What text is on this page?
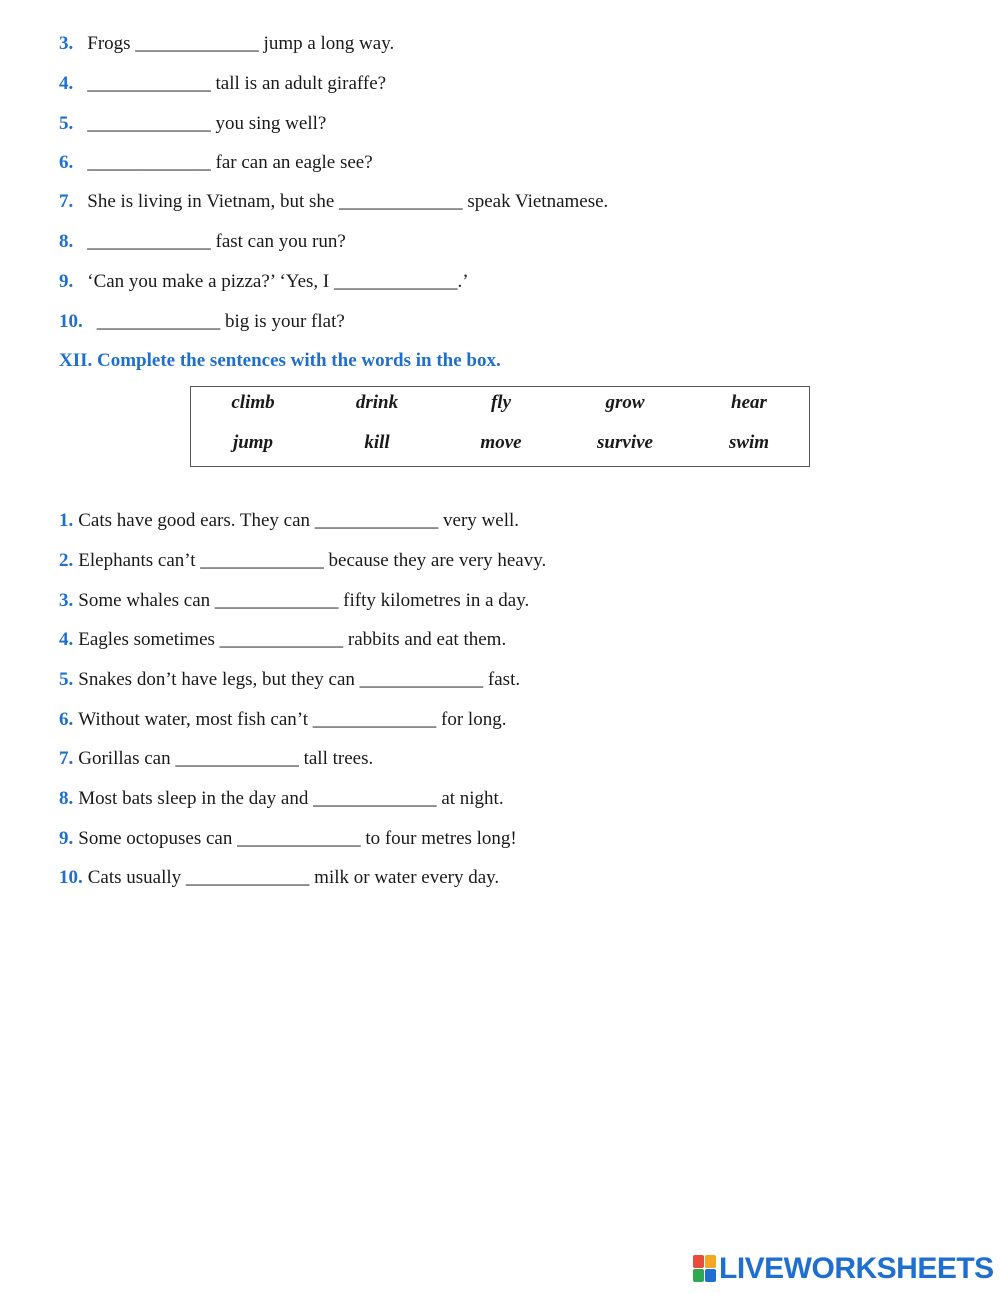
3. Frogs _____________ jump a long way.
4. _____________ tall is an adult giraffe?
5. _____________ you sing well?
6. _____________ far can an eagle see?
7. She is living in Vietnam, but she _____________ speak Vietnamese.
8. _____________ fast can you run?
9. ‘Can you make a pizza?’ ‘Yes, I _____________.’
10. _____________ big is your flat?
XII. Complete the sentences with the words in the box.
climb	drink	fly	grow	hear
jump	kill	move	survive	swim
1. Cats have good ears. They can _____________ very well.
2. Elephants can’t _____________ because they are very heavy.
3. Some whales can _____________ fifty kilometres in a day.
4. Eagles sometimes _____________ rabbits and eat them.
5. Snakes don’t have legs, but they can _____________ fast.
6. Without water, most fish can’t _____________ for long.
7. Gorillas can _____________ tall trees.
8. Most bats sleep in the day and _____________ at night.
9. Some octopuses can _____________ to four metres long!
10. Cats usually _____________ milk or water every day.
LIVEWORKSHEETS
